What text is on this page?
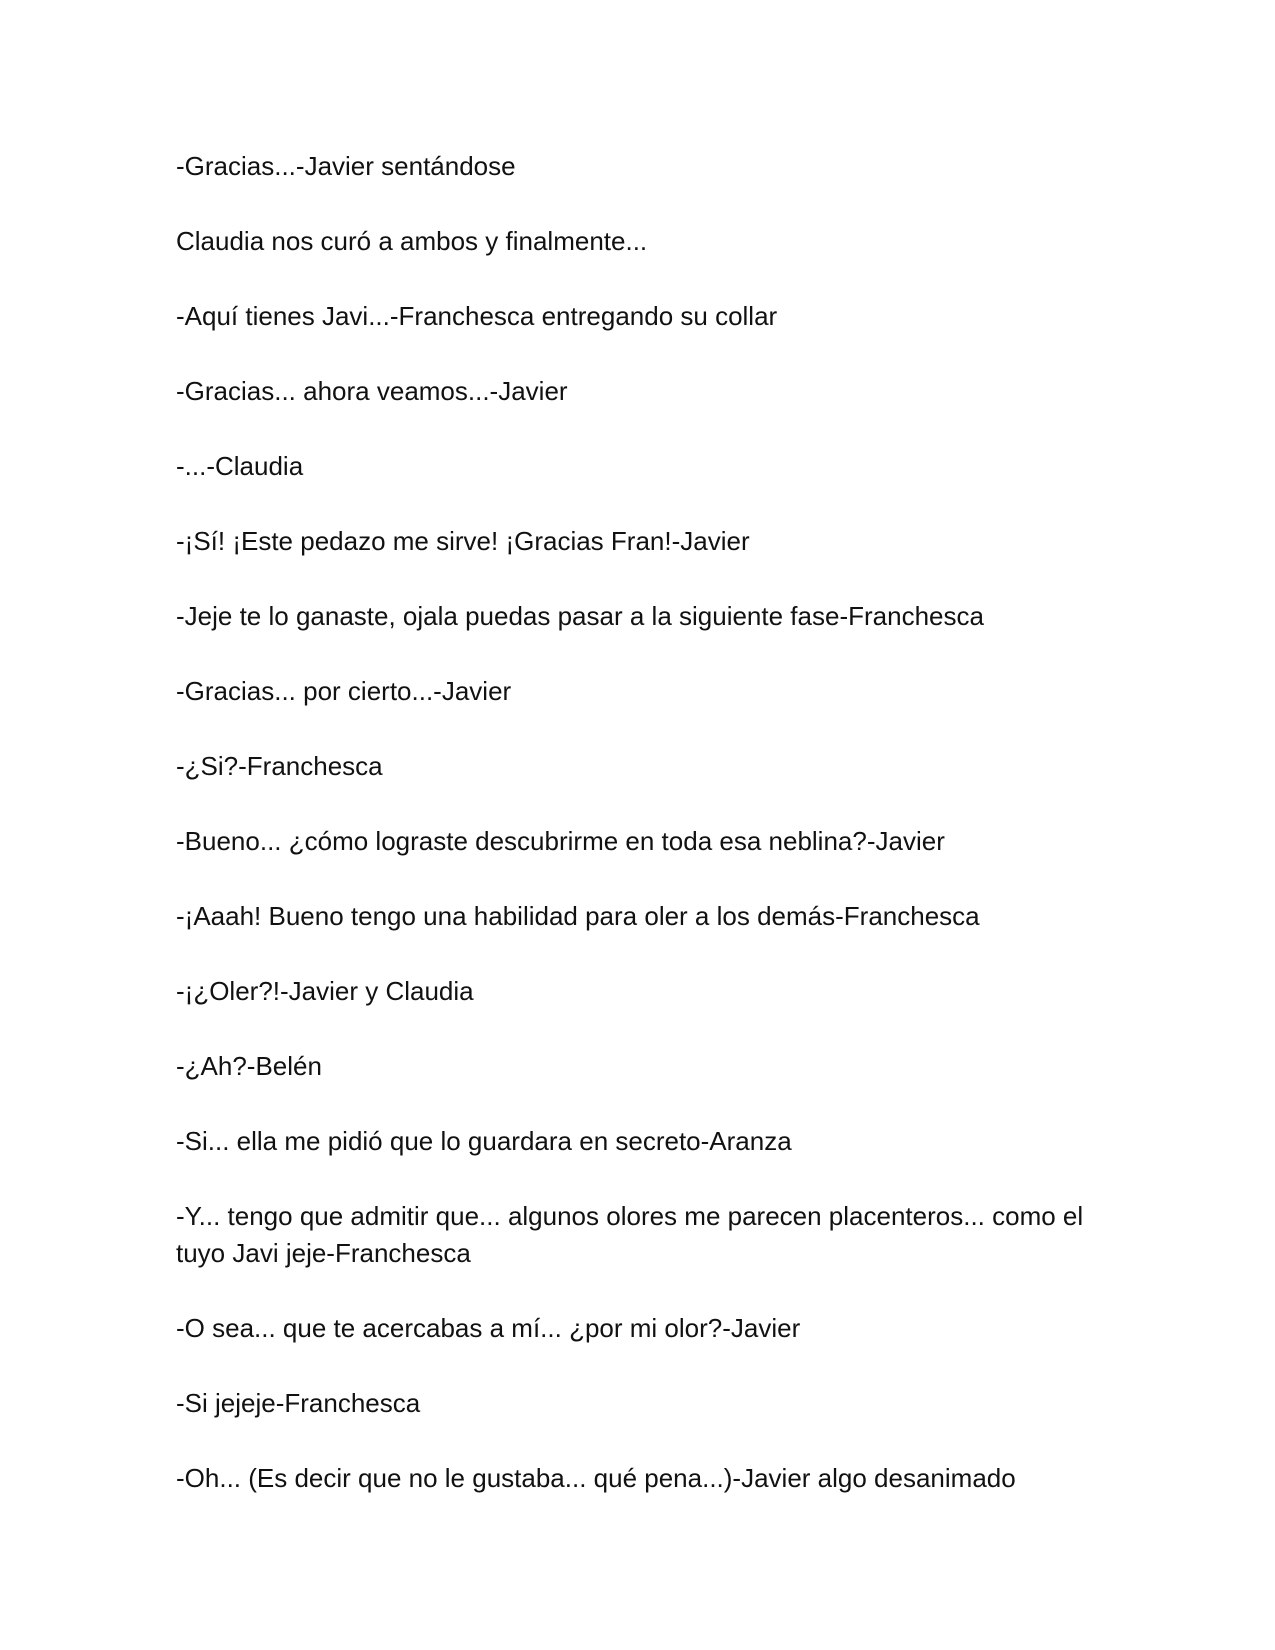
-Gracias...-Javier sentándose

Claudia nos curó a ambos y finalmente...

-Aquí tienes Javi...-Franchesca entregando su collar

-Gracias... ahora veamos...-Javier

-...-Claudia

-¡Sí! ¡Este pedazo me sirve! ¡Gracias Fran!-Javier

-Jeje te lo ganaste, ojala puedas pasar a la siguiente fase-Franchesca

-Gracias... por cierto...-Javier

-¿Si?-Franchesca

-Bueno... ¿cómo lograste descubrirme en toda esa neblina?-Javier

-¡Aaah! Bueno tengo una habilidad para oler a los demás-Franchesca

-¡¿Oler?!-Javier y Claudia

-¿Ah?-Belén

-Si... ella me pidió que lo guardara en secreto-Aranza

-Y... tengo que admitir que... algunos olores me parecen placenteros... como el tuyo Javi jeje-Franchesca

-O sea... que te acercabas a mí... ¿por mi olor?-Javier

-Si jejeje-Franchesca

-Oh... (Es decir que no le gustaba... qué pena...)-Javier algo desanimado
